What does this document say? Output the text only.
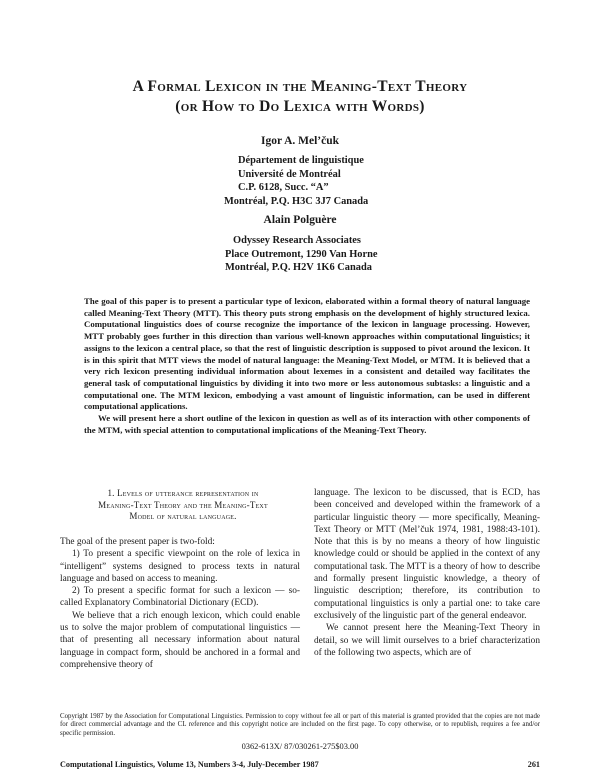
A Formal Lexicon in the Meaning-Text Theory
(or How to Do Lexica with Words)
Igor A. Mel’čuk
Département de linguistique
Université de Montréal
C.P. 6128, Succ. “A”
Montréal, P.Q. H3C 3J7 Canada
Alain Polguère
Odyssey Research Associates
Place Outremont, 1290 Van Horne
Montréal, P.Q. H2V 1K6 Canada

The goal of this paper is to present a particular type of lexicon, elaborated within a formal theory of natural language called Meaning-Text Theory (MTT). This theory puts strong emphasis on the development of highly structured lexica. Computational linguistics does of course recognize the importance of the lexicon in language processing. However, MTT probably goes further in this direction than various well-known approaches within computational linguistics; it assigns to the lexicon a central place, so that the rest of linguistic description is supposed to pivot around the lexicon. It is in this spirit that MTT views the model of natural language: the Meaning-Text Model, or MTM. It is believed that a very rich lexicon presenting individual information about lexemes in a consistent and detailed way facilitates the general task of computational linguistics by dividing it into two more or less autonomous subtasks: a linguistic and a computational one. The MTM lexicon, embodying a vast amount of linguistic information, can be used in different computational applications.

We will present here a short outline of the lexicon in question as well as of its interaction with other components of the MTM, with special attention to computational implications of the Meaning-Text Theory.

1. Levels of utterance representation in
Meaning-Text Theory and the Meaning-Text
Model of natural language.

The goal of the present paper is two-fold:

1) To present a specific viewpoint on the role of lexica in “intelligent” systems designed to process texts in natural language and based on access to meaning.

2) To present a specific format for such a lexicon — so-called Explanatory Combinatorial Dictionary (ECD).

We believe that a rich enough lexicon, which could enable us to solve the major problem of computational linguistics — that of presenting all necessary information about natural language in compact form, should be anchored in a formal and comprehensive theory of

language. The lexicon to be discussed, that is ECD, has been conceived and developed within the framework of a particular linguistic theory — more specifically, Meaning-Text Theory or MTT (Mel’čuk 1974, 1981, 1988:43-101). Note that this is by no means a theory of how linguistic knowledge could or should be applied in the context of any computational task. The MTT is a theory of how to describe and formally present linguistic knowledge, a theory of linguistic description; therefore, its contribution to computational linguistics is only a partial one: to take care exclusively of the linguistic part of the general endeavor.

We cannot present here the Meaning-Text Theory in detail, so we will limit ourselves to a brief characterization of the following two aspects, which are of

Copyright 1987 by the Association for Computational Linguistics. Permission to copy without fee all or part of this material is granted provided that the copies are not made for direct commercial advantage and the CL reference and this copyright notice are included on the first page. To copy otherwise, or to republish, requires a fee and/or specific permission.
0362-613X/ 87/030261-275$03.00
Computational Linguistics, Volume 13, Numbers 3-4, July-December 1987	261
